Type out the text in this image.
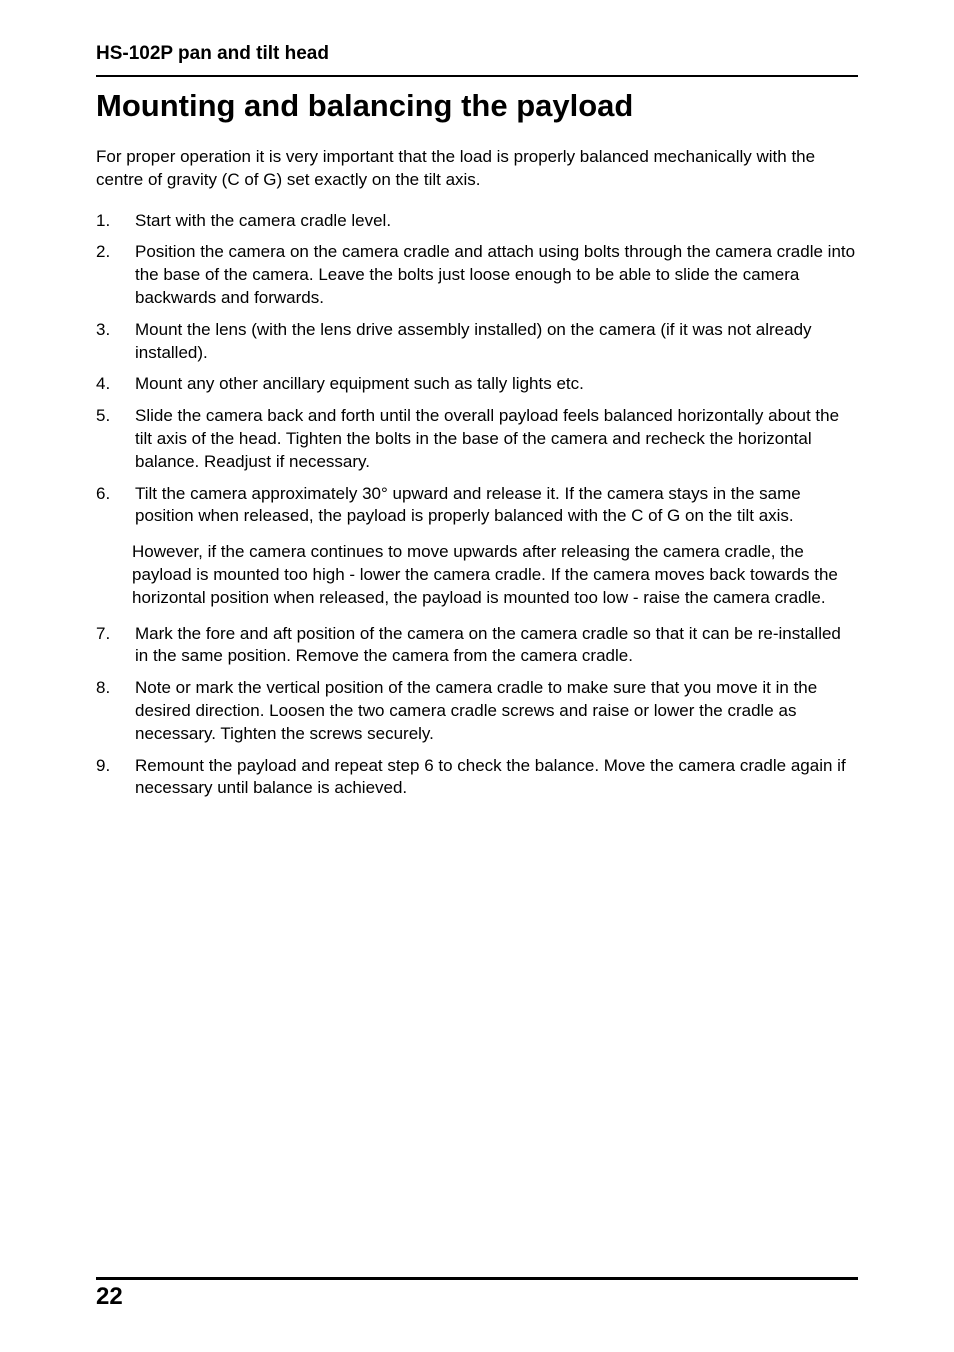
HS-102P pan and tilt head
Mounting and balancing the payload

For proper operation it is very important that the load is properly balanced mechanically with the centre of gravity (C of G) set exactly on the tilt axis.

1. Start with the camera cradle level.
2. Position the camera on the camera cradle and attach using bolts through the camera cradle into the base of the camera. Leave the bolts just loose enough to be able to slide the camera backwards and forwards.
3. Mount the lens (with the lens drive assembly installed) on the camera (if it was not already installed).
4. Mount any other ancillary equipment such as tally lights etc.
5. Slide the camera back and forth until the overall payload feels balanced horizontally about the tilt axis of the head. Tighten the bolts in the base of the camera and recheck the horizontal balance. Readjust if necessary.
6. Tilt the camera approximately 30° upward and release it. If the camera stays in the same position when released, the payload is properly balanced with the C of G on the tilt axis.

However, if the camera continues to move upwards after releasing the camera cradle, the payload is mounted too high - lower the camera cradle. If the camera moves back towards the horizontal position when released, the payload is mounted too low - raise the camera cradle.

7. Mark the fore and aft position of the camera on the camera cradle so that it can be re-installed in the same position. Remove the camera from the camera cradle.
8. Note or mark the vertical position of the camera cradle to make sure that you move it in the desired direction. Loosen the two camera cradle screws and raise or lower the cradle as necessary. Tighten the screws securely.
9. Remount the payload and repeat step 6 to check the balance. Move the camera cradle again if necessary until balance is achieved.
22
